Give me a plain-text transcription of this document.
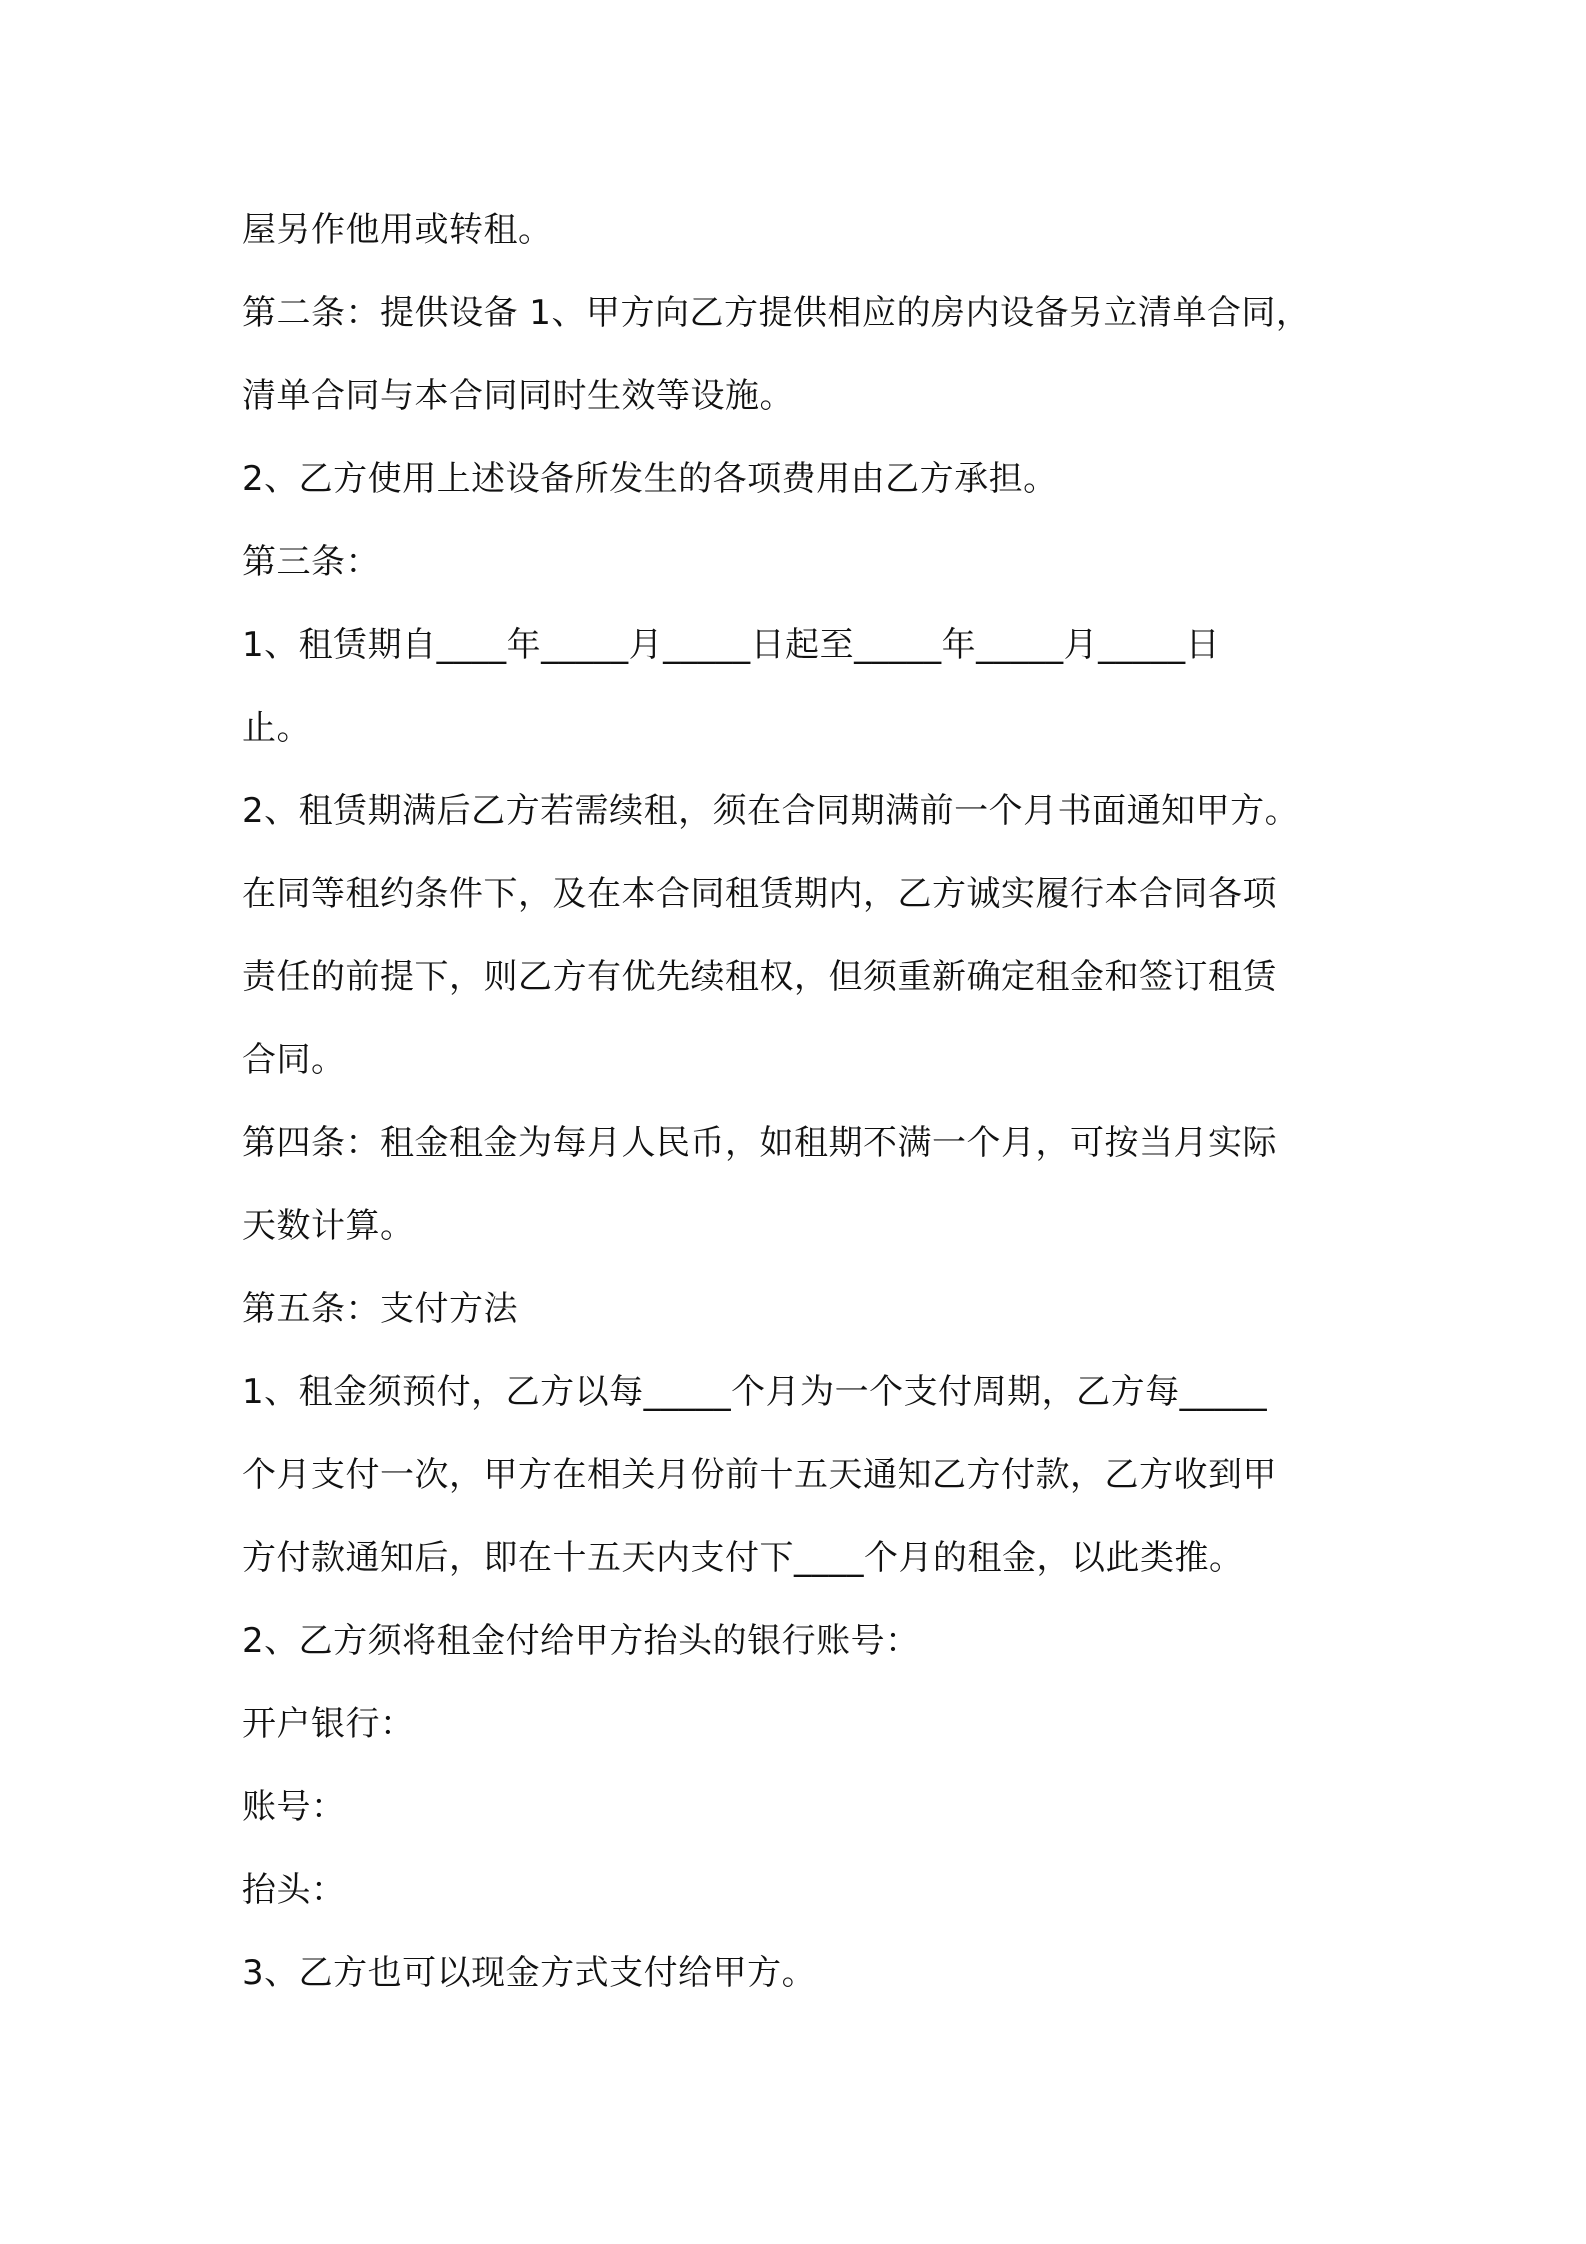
屋另作他用或转租。

第二条：提供设备 1、甲方向乙方提供相应的房内设备另立清单合同，

清单合同与本合同同时生效等设施。

2、乙方使用上述设备所发生的各项费用由乙方承担。

第三条：

1、租赁期自____年_____月_____日起至_____年_____月_____日

止。

2、租赁期满后乙方若需续租，须在合同期满前一个月书面通知甲方。

在同等租约条件下，及在本合同租赁期内，乙方诚实履行本合同各项

责任的前提下，则乙方有优先续租权，但须重新确定租金和签订租赁

合同。

第四条：租金租金为每月人民币，如租期不满一个月，可按当月实际

天数计算。

第五条：支付方法

1、租金须预付，乙方以每_____个月为一个支付周期，乙方每_____

个月支付一次，甲方在相关月份前十五天通知乙方付款，乙方收到甲

方付款通知后，即在十五天内支付下____个月的租金，以此类推。

2、乙方须将租金付给甲方抬头的银行账号：

开户银行：

账号：

抬头：

3、乙方也可以现金方式支付给甲方。
